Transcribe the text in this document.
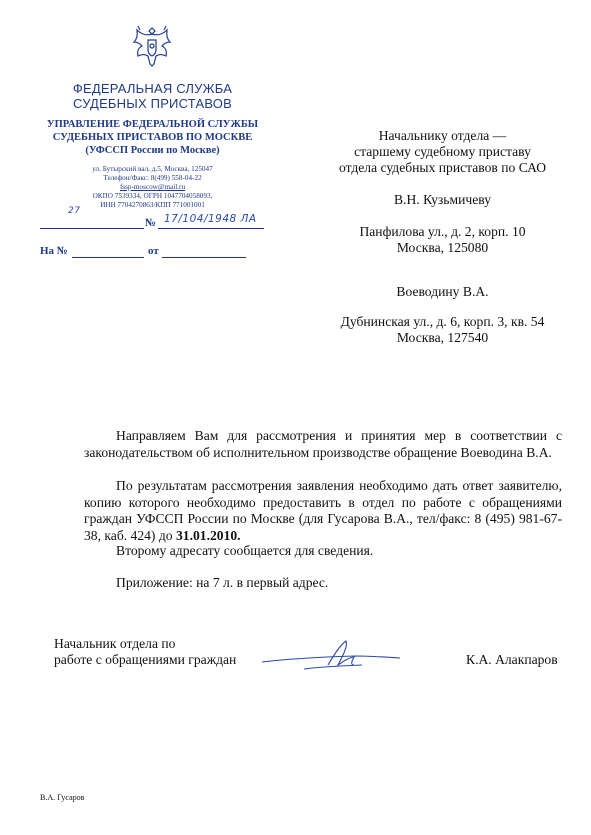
ФЕДЕРАЛЬНАЯ СЛУЖБА
СУДЕБНЫХ ПРИСТАВОВ
УПРАВЛЕНИЕ ФЕДЕРАЛЬНОЙ СЛУЖБЫ
СУДЕБНЫХ ПРИСТАВОВ ПО МОСКВЕ
(УФССП России по Москве)
ул. Бутырский вал, д.5, Москва, 125047
Телефон/Факс: 8(499) 558-04-22
fssp-moscow@mail.ru
ОКПО 7539334, ОГРН 1047704058093,
ИНН 7704270863/КПП 771001001
27
№ 17/104/1948 ЛА
На №	от
Начальнику отдела —
старшему судебному приставу
отдела судебных приставов по САО
В.Н. Кузьмичеву
Панфилова ул., д. 2, корп. 10
Москва, 125080
Воеводину В.А.
Дубнинская ул., д. 6, корп. 3, кв. 54
Москва, 127540
Направляем Вам для рассмотрения и принятия мер в соответствии с законодательством об исполнительном производстве обращение Воеводина В.А.
По результатам рассмотрения заявления необходимо дать ответ заявителю, копию которого необходимо предоставить в отдел по работе с обращениями граждан УФССП России по Москве (для Гусарова В.А., тел/факс: 8 (495) 981-67-38, каб. 424) до 31.01.2010.
Второму адресату сообщается для сведения.
Приложение: на 7 л. в первый адрес.
Начальник отдела по
работе с обращениями граждан	К.А. Алакпаров
В.А. Гусаров
